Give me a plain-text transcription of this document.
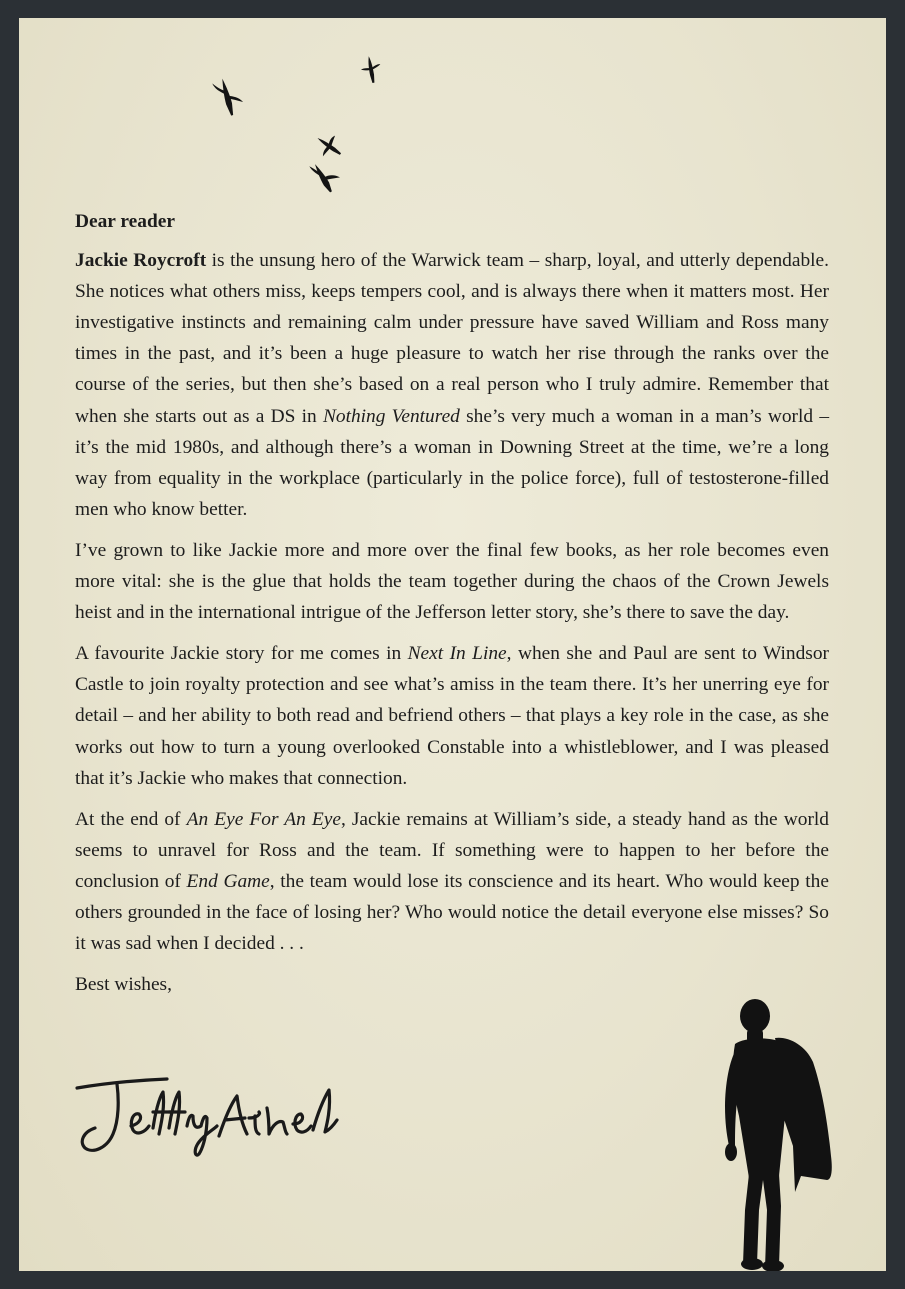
Dear reader

Jackie Roycroft is the unsung hero of the Warwick team – sharp, loyal, and utterly dependable. She notices what others miss, keeps tempers cool, and is always there when it matters most. Her investigative instincts and remaining calm under pressure have saved William and Ross many times in the past, and it’s been a huge pleasure to watch her rise through the ranks over the course of the series, but then she’s based on a real person who I truly admire. Remember that when she starts out as a DS in Nothing Ventured she’s very much a woman in a man’s world – it’s the mid 1980s, and although there’s a woman in Downing Street at the time, we’re a long way from equality in the workplace (particularly in the police force), full of testosterone-filled men who know better.

I’ve grown to like Jackie more and more over the final few books, as her role becomes even more vital: she is the glue that holds the team together during the chaos of the Crown Jewels heist and in the international intrigue of the Jefferson letter story, she’s there to save the day.

A favourite Jackie story for me comes in Next In Line, when she and Paul are sent to Windsor Castle to join royalty protection and see what’s amiss in the team there. It’s her unerring eye for detail – and her ability to both read and befriend others – that plays a key role in the case, as she works out how to turn a young overlooked Constable into a whistleblower, and I was pleased that it’s Jackie who makes that connection.

At the end of An Eye For An Eye, Jackie remains at William’s side, a steady hand as the world seems to unravel for Ross and the team. If something were to happen to her before the conclusion of End Game, the team would lose its conscience and its heart. Who would keep the others grounded in the face of losing her? Who would notice the detail everyone else misses? So it was sad when I decided . . .

Best wishes,
